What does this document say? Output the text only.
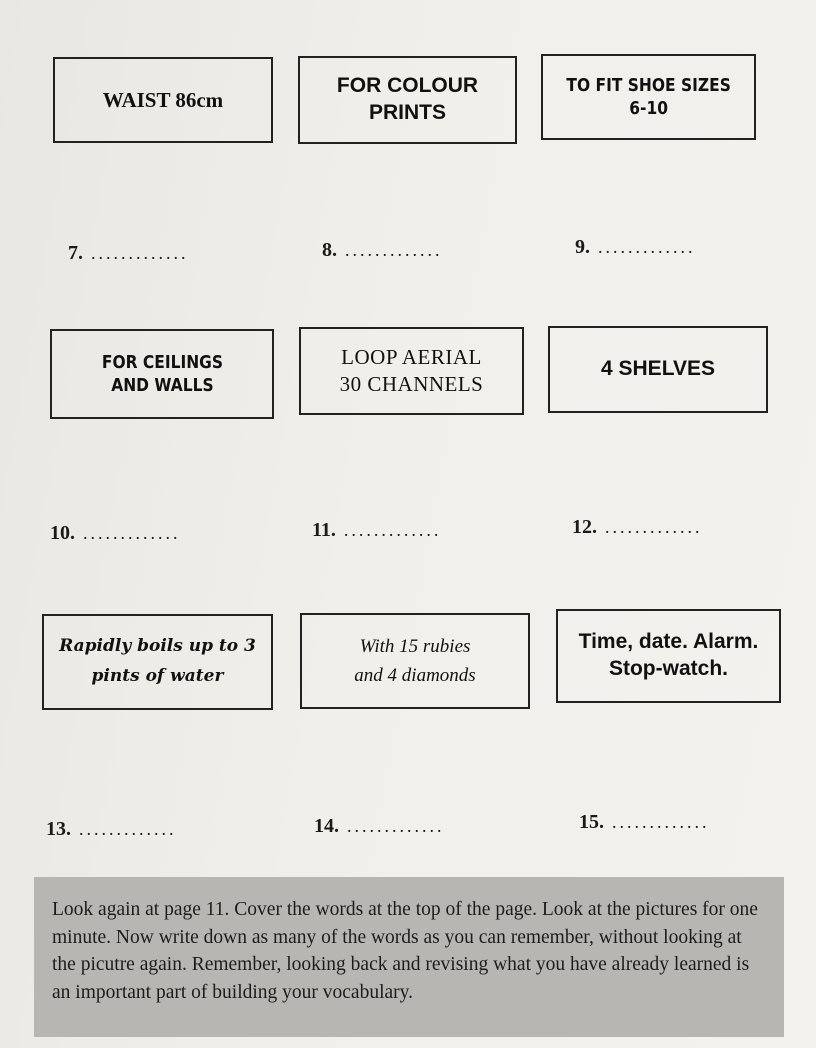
WAIST 86cm
FOR COLOUR
PRINTS
TO FIT SHOE SIZES
6-10
7. .............	8. .............	9. .............
FOR CEILINGS
AND WALLS
LOOP AERIAL
30 CHANNELS
4 SHELVES
10. .............	11. .............	12. .............
Rapidly boils up to 3
pints of water
With 15 rubies
and 4 diamonds
Time, date. Alarm.
Stop-watch.
13. .............	14. .............	15. .............
Look again at page 11. Cover the words at the top of the page. Look at the pictures for one minute. Now write down as many of the words as you can remember, without looking at the picutre again. Remember, looking back and revising what you have already learned is an important part of building your vocabulary.
